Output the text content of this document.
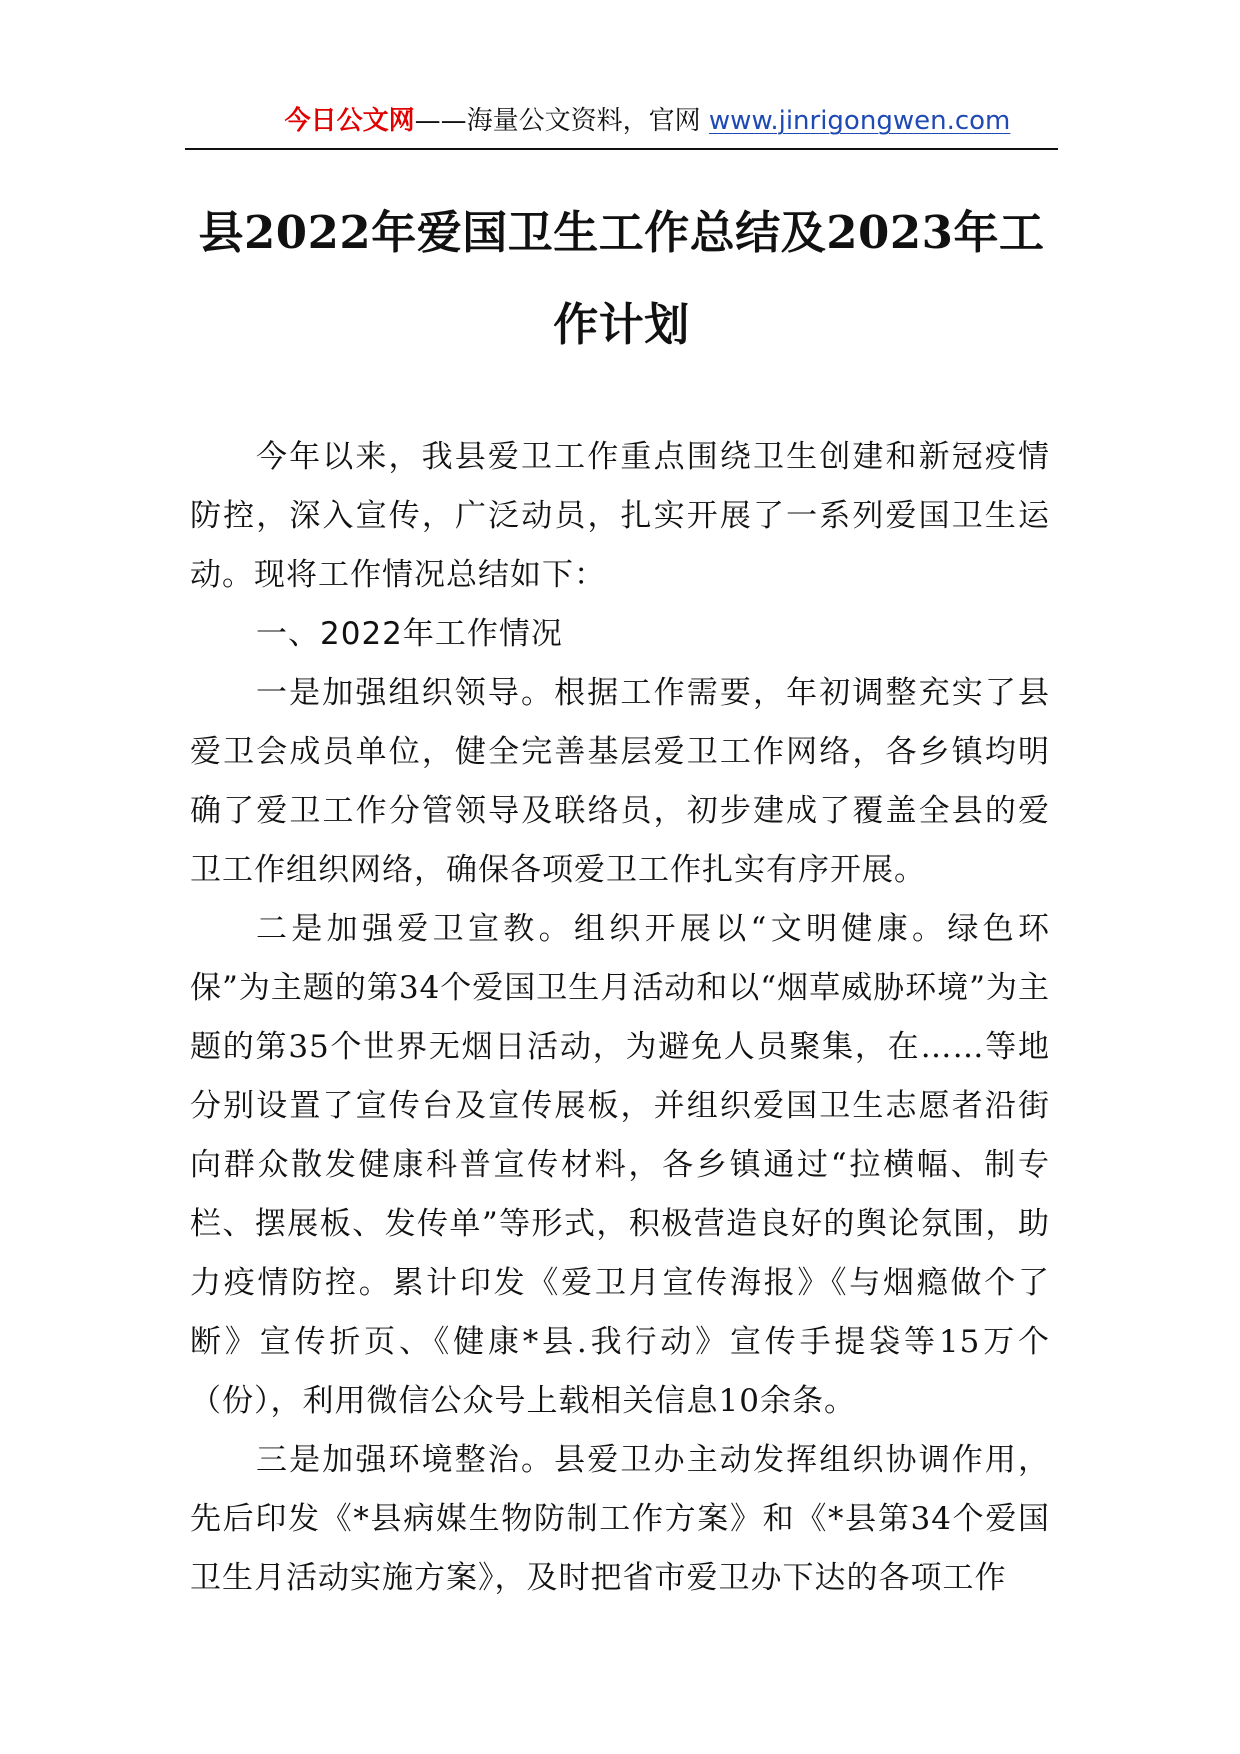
今日公文网——海量公文资料，官网 www.jinrigongwen.com
县2022年爱国卫生工作总结及2023年工作计划

今年以来，我县爱卫工作重点围绕卫生创建和新冠疫情防控，深入宣传，广泛动员，扎实开展了一系列爱国卫生运动。现将工作情况总结如下：

一、2022年工作情况

一是加强组织领导。根据工作需要，年初调整充实了县爱卫会成员单位，健全完善基层爱卫工作网络，各乡镇均明确了爱卫工作分管领导及联络员，初步建成了覆盖全县的爱卫工作组织网络，确保各项爱卫工作扎实有序开展。

二是加强爱卫宣教。组织开展以“文明健康。绿色环保”为主题的第34个爱国卫生月活动和以“烟草威胁环境”为主题的第35个世界无烟日活动，为避免人员聚集，在……等地分别设置了宣传台及宣传展板，并组织爱国卫生志愿者沿街向群众散发健康科普宣传材料，各乡镇通过“拉横幅、制专栏、摆展板、发传单”等形式，积极营造良好的舆论氛围，助力疫情防控。累计印发《爱卫月宣传海报》《与烟瘾做个了断》宣传折页、《健康*县.我行动》宣传手提袋等15万个（份），利用微信公众号上载相关信息10余条。

三是加强环境整治。县爱卫办主动发挥组织协调作用，先后印发《*县病媒生物防制工作方案》和《*县第34个爱国卫生月活动实施方案》，及时把省市爱卫办下达的各项工作
